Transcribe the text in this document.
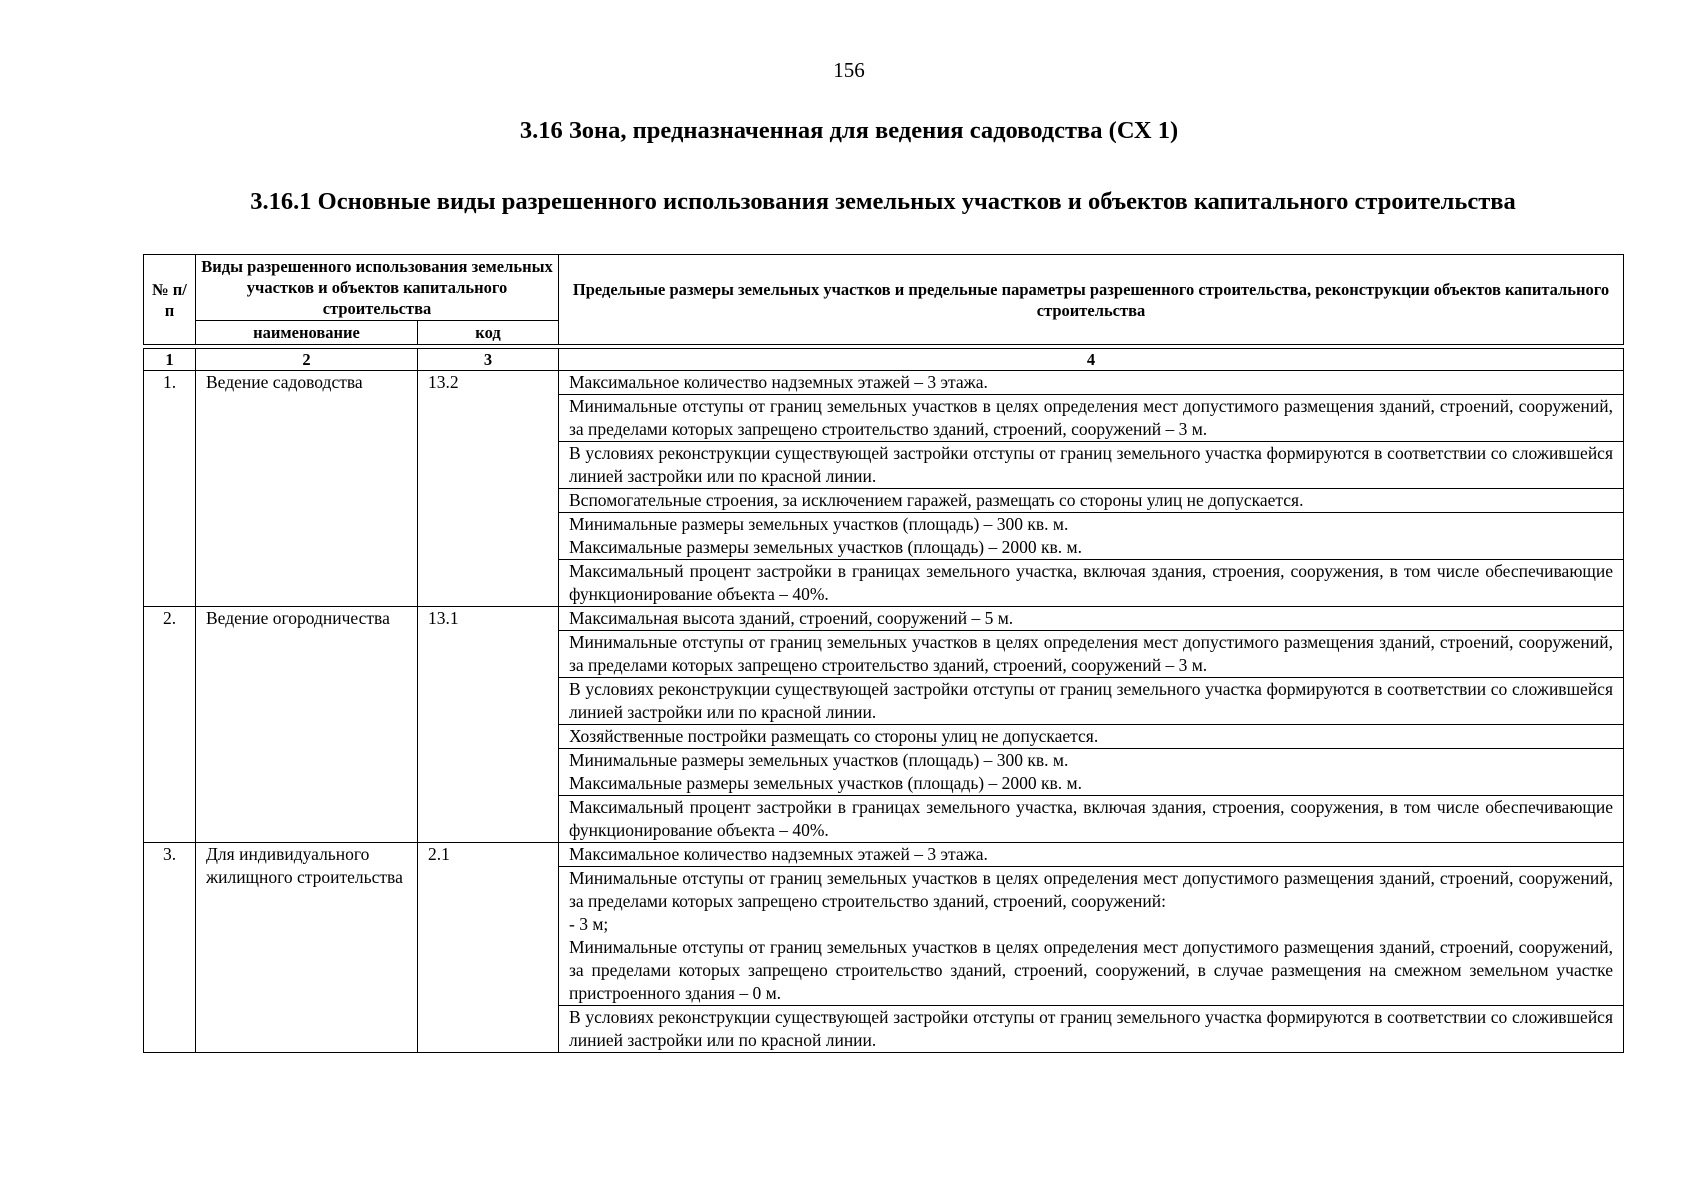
156
3.16 Зона, предназначенная для ведения садоводства (СХ 1)
3.16.1 Основные виды разрешенного использования земельных участков и объектов капитального строительства
№ п/п	Виды разрешенного использования земельных участков и объектов капитального строительства		Предельные размеры земельных участков и предельные параметры разрешенного строительства, реконструкции объектов капитального строительства
	наименование	код	

1	2	3	4
1.	Ведение садоводства	13.2	Максимальное количество надземных этажей – 3 этажа.

			Минимальные отступы от границ земельных участков в целях определения мест допустимого размещения зданий, строений, сооружений, за пределами которых запрещено строительство зданий, строений, сооружений – 3 м.

			В условиях реконструкции существующей застройки отступы от границ земельного участка формируются в соответствии со сложившейся линией застройки или по красной линии.

			Вспомогательные строения, за исключением гаражей, размещать со стороны улиц не допускается.

			Минимальные размеры земельных участков (площадь) – 300 кв. м.
Максимальные размеры земельных участков (площадь) – 2000 кв. м.

			Максимальный процент застройки в границах земельного участка, включая здания, строения, сооружения, в том числе обеспечивающие функционирование объекта – 40%.

2.	Ведение огородничества	13.1	Максимальная высота зданий, строений, сооружений – 5 м.

			Минимальные отступы от границ земельных участков в целях определения мест допустимого размещения зданий, строений, сооружений, за пределами которых запрещено строительство зданий, строений, сооружений – 3 м.

			В условиях реконструкции существующей застройки отступы от границ земельного участка формируются в соответствии со сложившейся линией застройки или по красной линии.

			Хозяйственные постройки размещать со стороны улиц не допускается.

			Минимальные размеры земельных участков (площадь) – 300 кв. м.
Максимальные размеры земельных участков (площадь) – 2000 кв. м.

			Максимальный процент застройки в границах земельного участка, включая здания, строения, сооружения, в том числе обеспечивающие функционирование объекта – 40%.

3.	Для индивидуального жилищного строительства	2.1	Максимальное количество надземных этажей – 3 этажа.

			Минимальные отступы от границ земельных участков в целях определения мест допустимого размещения зданий, строений, сооружений, за пределами которых запрещено строительство зданий, строений, сооружений:
- 3 м;
Минимальные отступы от границ земельных участков в целях определения мест допустимого размещения зданий, строений, сооружений, за пределами которых запрещено строительство зданий, строений, сооружений, в случае размещения на смежном земельном участке пристроенного здания – 0 м.

			В условиях реконструкции существующей застройки отступы от границ земельного участка формируются в соответствии со сложившейся линией застройки или по красной линии.
